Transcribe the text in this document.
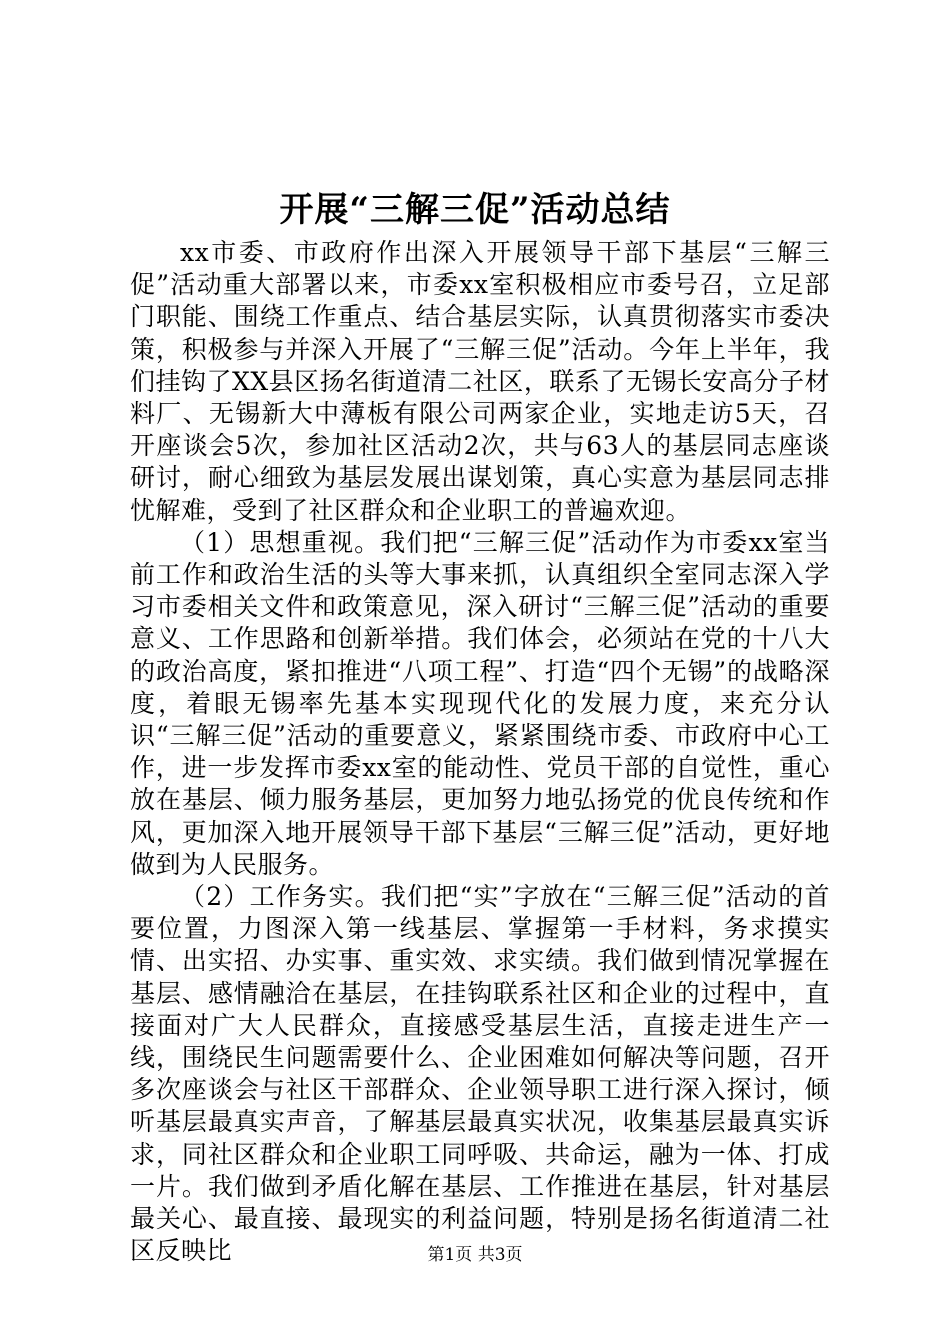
开展“三解三促”活动总结

xx市委、市政府作出深入开展领导干部下基层“三解三促”活动重大部署以来，市委xx室积极相应市委号召，立足部门职能、围绕工作重点、结合基层实际，认真贯彻落实市委决策，积极参与并深入开展了“三解三促”活动。今年上半年，我们挂钩了XX县区扬名街道清二社区，联系了无锡长安高分子材料厂、无锡新大中薄板有限公司两家企业，实地走访5天，召开座谈会5次，参加社区活动2次，共与63人的基层同志座谈研讨，耐心细致为基层发展出谋划策，真心实意为基层同志排忧解难，受到了社区群众和企业职工的普遍欢迎。

（1）思想重视。我们把“三解三促”活动作为市委xx室当前工作和政治生活的头等大事来抓，认真组织全室同志深入学习市委相关文件和政策意见，深入研讨“三解三促”活动的重要意义、工作思路和创新举措。我们体会，必须站在党的十八大的政治高度，紧扣推进“八项工程”、打造“四个无锡”的战略深度，着眼无锡率先基本实现现代化的发展力度，来充分认识“三解三促”活动的重要意义，紧紧围绕市委、市政府中心工作，进一步发挥市委xx室的能动性、党员干部的自觉性，重心放在基层、倾力服务基层，更加努力地弘扬党的优良传统和作风，更加深入地开展领导干部下基层“三解三促”活动，更好地做到为人民服务。

（2）工作务实。我们把“实”字放在“三解三促”活动的首要位置，力图深入第一线基层、掌握第一手材料，务求摸实情、出实招、办实事、重实效、求实绩。我们做到情况掌握在基层、感情融洽在基层，在挂钩联系社区和企业的过程中，直接面对广大人民群众，直接感受基层生活，直接走进生产一线，围绕民生问题需要什么、企业困难如何解决等问题，召开多次座谈会与社区干部群众、企业领导职工进行深入探讨，倾听基层最真实声音，了解基层最真实状况，收集基层最真实诉求，同社区群众和企业职工同呼吸、共命运，融为一体、打成一片。我们做到矛盾化解在基层、工作推进在基层，针对基层最关心、最直接、最现实的利益问题，特别是扬名街道清二社区反映比	第1页 共3页
